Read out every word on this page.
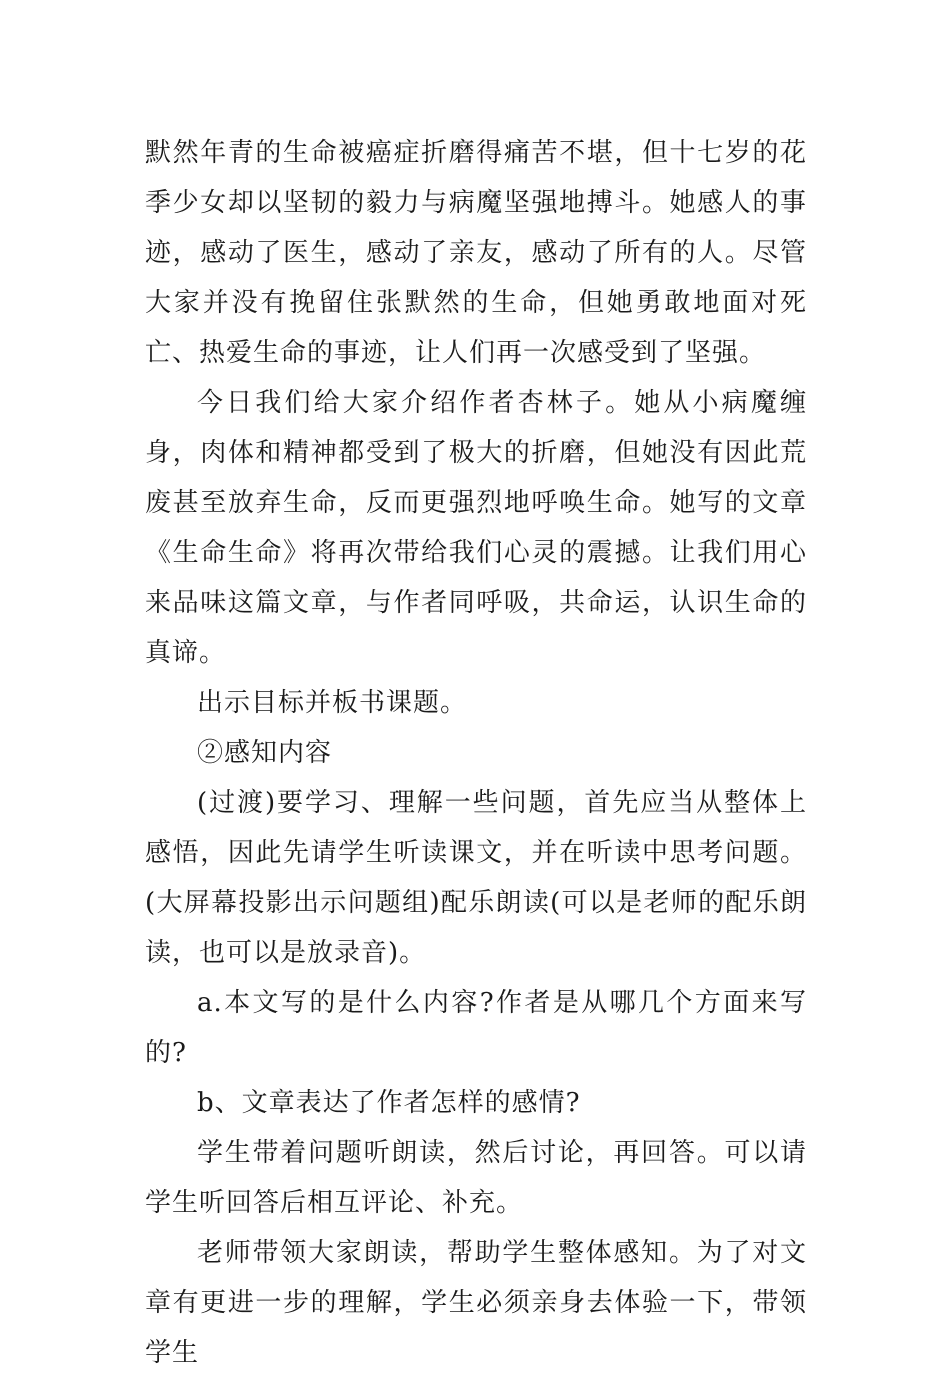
默然年青的生命被癌症折磨得痛苦不堪，但十七岁的花季少女却以坚韧的毅力与病魔坚强地搏斗。她感人的事迹，感动了医生，感动了亲友，感动了所有的人。尽管大家并没有挽留住张默然的生命，但她勇敢地面对死亡、热爱生命的事迹，让人们再一次感受到了坚强。

今日我们给大家介绍作者杏林子。她从小病魔缠身，肉体和精神都受到了极大的折磨，但她没有因此荒废甚至放弃生命，反而更强烈地呼唤生命。她写的文章《生命生命》将再次带给我们心灵的震撼。让我们用心来品味这篇文章，与作者同呼吸，共命运，认识生命的真谛。

出示目标并板书课题。

②感知内容

(过渡)要学习、理解一些问题，首先应当从整体上感悟，因此先请学生听读课文，并在听读中思考问题。(大屏幕投影出示问题组)配乐朗读(可以是老师的配乐朗读，也可以是放录音)。

a.本文写的是什么内容?作者是从哪几个方面来写的?

b、文章表达了作者怎样的感情?

学生带着问题听朗读，然后讨论，再回答。可以请学生听回答后相互评论、补充。

老师带领大家朗读，帮助学生整体感知。为了对文章有更进一步的理解，学生必须亲身去体验一下，带领学生
